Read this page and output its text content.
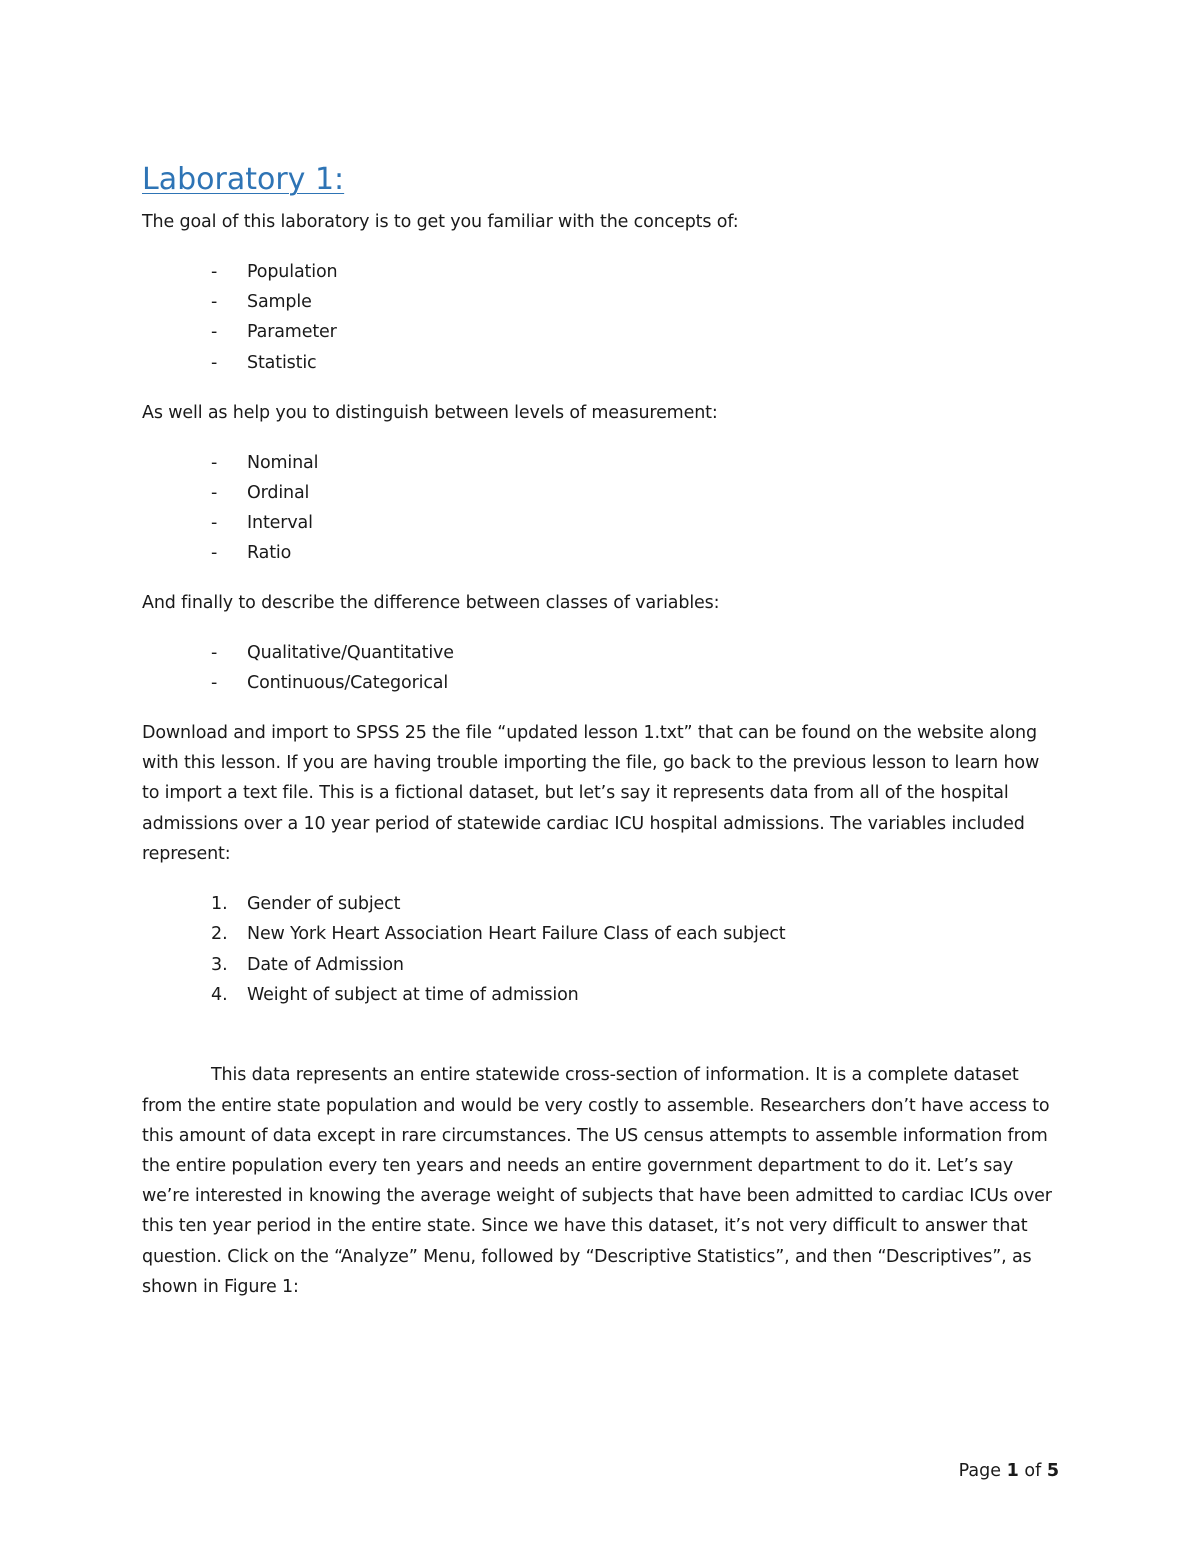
Laboratory 1:
The goal of this laboratory is to get you familiar with the concepts of:
- Population
- Sample
- Parameter
- Statistic
As well as help you to distinguish between levels of measurement:
- Nominal
- Ordinal
- Interval
- Ratio
And finally to describe the difference between classes of variables:
- Qualitative/Quantitative
- Continuous/Categorical
Download and import to SPSS 25 the file “updated lesson 1.txt” that can be found on the website along
with this lesson. If you are having trouble importing the file, go back to the previous lesson to learn how
to import a text file. This is a fictional dataset, but let’s say it represents data from all of the hospital
admissions over a 10 year period of statewide cardiac ICU hospital admissions. The variables included
represent:
1. Gender of subject
2. New York Heart Association Heart Failure Class of each subject
3. Date of Admission
4. Weight of subject at time of admission
This data represents an entire statewide cross-section of information. It is a complete dataset
from the entire state population and would be very costly to assemble. Researchers don’t have access to
this amount of data except in rare circumstances. The US census attempts to assemble information from
the entire population every ten years and needs an entire government department to do it. Let’s say
we’re interested in knowing the average weight of subjects that have been admitted to cardiac ICUs over
this ten year period in the entire state. Since we have this dataset, it’s not very difficult to answer that
question. Click on the “Analyze” Menu, followed by “Descriptive Statistics”, and then “Descriptives”, as
shown in Figure 1:
Page 1 of 5
